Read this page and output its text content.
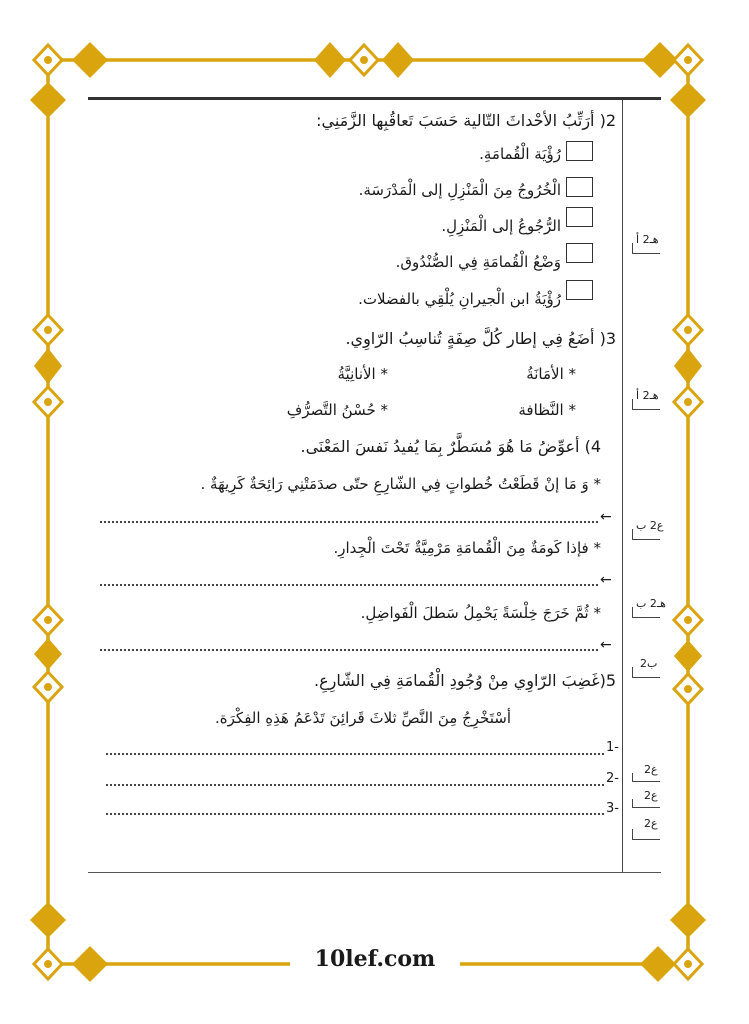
2( أرَتِّبُ الأحْداثَ التّالية حَسَبَ تَعاقُبِها الزَّمَنِي:
رُؤْيَة الْقُمامَةِ.
الْخُرُوجُ مِنَ الْمَنْزِلِ إلى الْمَدْرَسَة.
الرُّجُوعُ إلى الْمَنْزِلِ.
وَضْعُ الْقُمامَةِ فِي الصُّنْدُوق.
رُؤْيَةُ ابن الْجيرانِ يُلْقِي بالفضلات.
هـ2 أ
3( أضَعُ فِي إطار كُلَّ صِفَةٍ تُناسِبُ الرّاوِي.
* الأمَانَةُ
* الأنانِيَّةُ
* النَّظافة
* حُسْنُ التَّصرُّفِ
هـ2 أ
4) أعوِّضُ مَا هُوَ مُسَطَّرٌ بِمَا يُفيدُ نَفسَ المَعْنَى.
* وَ مَا إنْ قَطَعْتُ خُطواتٍ فِي الشّارِعِ حتّى صدَمَتْنِي رَائِحَةٌ كَرِيهَةٌ .
←
ع2 ب
* فإذا كَومَةٌ مِنَ الْقُمامَةِ مَرْمِيَّةٌ تَحْتَ الْجِدارِ.
←
* ثُمَّ خَرَجَ خِلْسَةً يَحْمِلُ سَطلَ الْفَواضِلِ.
هـ2 ب
←
5(غَضِبَ الرّاوِي مِنْ وُجُودِ الْقُمامَةِ فِي الشّارِعِ.
ب2
أسْتَخْرِجُ مِنَ النَّصِّ ثلاثَ قَرائِنَ تَدْعَمُ هَذِهِ الفِكْرَة.
-1
-2
-3
ع2
ع2
ع2
10lef.com
